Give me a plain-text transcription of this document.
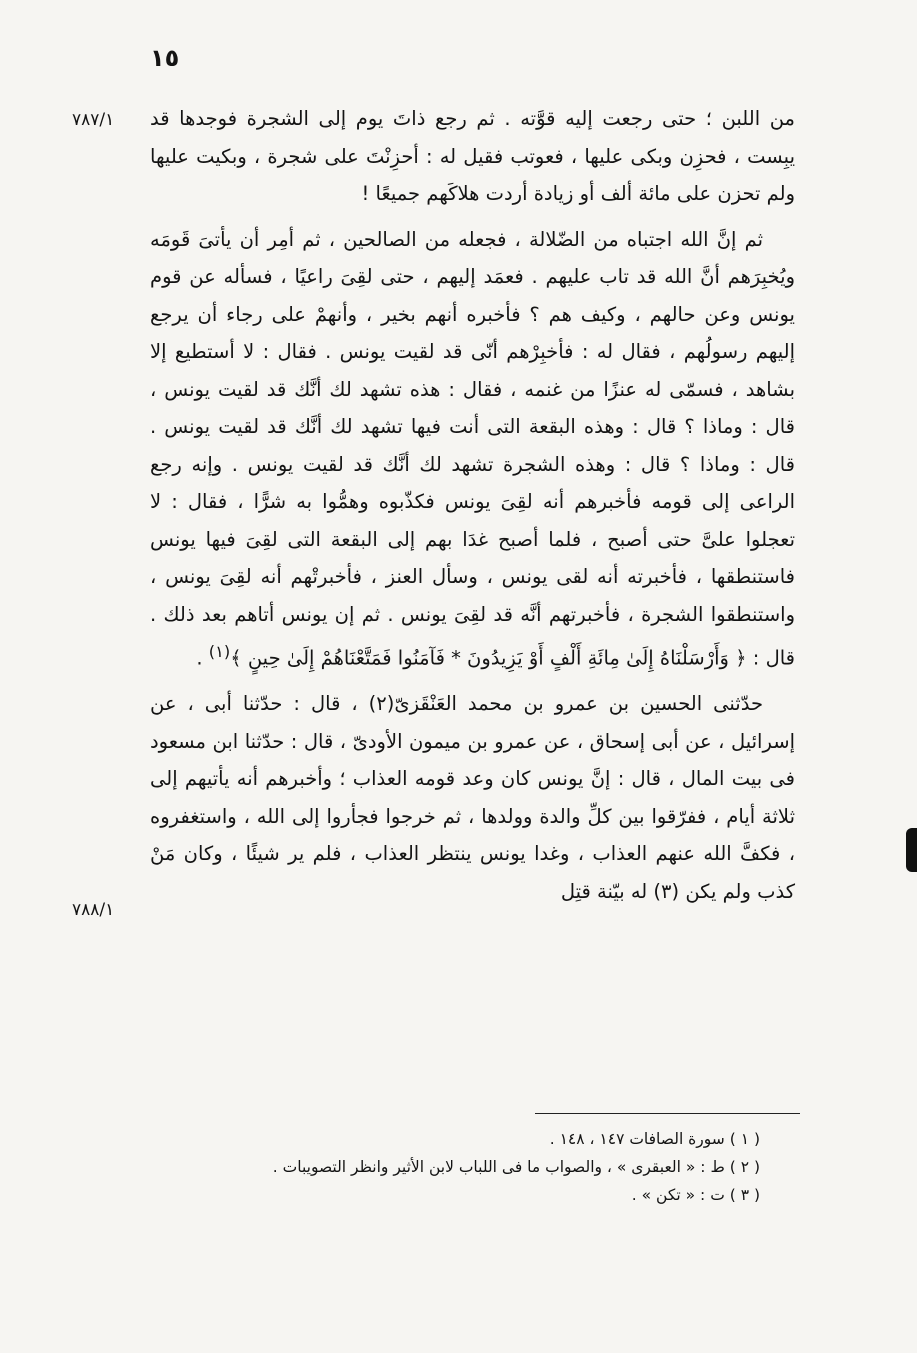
١٥
٧٨٧/١
٧٨٨/١

من اللبن ؛ حتى رجعت إليه قوَّته . ثم رجع ذاتَ يوم إلى الشجرة فوجدها قد يبِست ، فحزِن وبكى عليها ، فعوتب فقيل له : أحزِنْتَ على شجرة ، وبكيت عليها ولم تحزن على مائة ألف أو زيادة أردت هلاكَهم جميعًا !

ثم إنَّ الله اجتباه من الضّلالة ، فجعله من الصالحين ، ثم أمِر أن يأتىَ قَومَه ويُخبِرَهم أنَّ الله قد تاب عليهم . فعمَد إليهم ، حتى لقِىَ راعيًا ، فسأله عن قوم يونس وعن حالهم ، وكيف هم ؟ فأخبره أنهم بخير ، وأنهمْ على رجاء أن يرجع إليهم رسولُهم ، فقال له : فأخبِرْهم أنّى قد لقيت يونس . فقال : لا أستطيع إلا بشاهد ، فسمّى له عنزًا من غنمه ، فقال : هذه تشهد لك أنَّك قد لقيت يونس ، قال : وماذا ؟ قال : وهذه البقعة التى أنت فيها تشهد لك أنَّك قد لقيت يونس . قال : وماذا ؟ قال : وهذه الشجرة تشهد لك أنَّك قد لقيت يونس . وإنه رجع الراعى إلى قومه فأخبرهم أنه لقِىَ يونس فكذّبوه وهمُّوا به شرًّا ، فقال : لا تعجلوا علىَّ حتى أصبح ، فلما أصبح غدَا بهم إلى البقعة التى لقِىَ فيها يونس فاستنطقها ، فأخبرته أنه لقى يونس ، وسأل العنز ، فأخبرتْهم أنه لقِىَ يونس ، واستنطقوا الشجرة ، فأخبرتهم أنَّه قد لقِىَ يونس . ثم إن يونس أتاهم بعد ذلك . قال : ﴿ وَأَرْسَلْنَاهُ إِلَىٰ مِائَةِ أَلْفٍ أَوْ يَزِيدُونَ * فَآمَنُوا فَمَتَّعْنَاهُمْ إِلَىٰ حِينٍ ﴾$^{(١)}$ .

حدّثنى الحسين بن عمرو بن محمد العَنْقَزىّ(٢) ، قال : حدّثنا أبى ، عن إسرائيل ، عن أبى إسحاق ، عن عمرو بن ميمون الأودىّ ، قال : حدّثنا ابن مسعود فى بيت المال ، قال : إنَّ يونس كان وعد قومه العذاب ؛ وأخبرهم أنه يأتيهم إلى ثلاثة أيام ، ففرّقوا بين كلِّ والدة وولدها ، ثم خرجوا فجأروا إلى الله ، واستغفروه ، فكفَّ الله عنهم العذاب ، وغدا يونس ينتظر العذاب ، فلم ير شيئًا ، وكان مَنْ كذب ولم يكن (٣) له بيّنة قتِل

( ١ ) سورة الصافات ١٤٧ ، ١٤٨ .
( ٢ ) ط : « العبقرى » ، والصواب ما فى اللباب لابن الأثير وانظر التصويبات .
( ٣ ) ت : « تكن » .
